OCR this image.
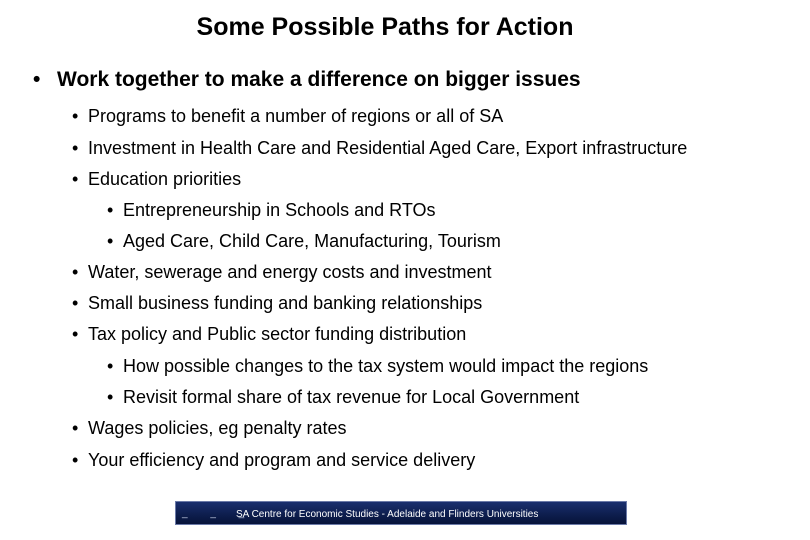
Some Possible Paths for Action
• Work together to make a difference on bigger issues
• Programs to benefit a number of regions or all of SA
• Investment in Health Care and Residential Aged Care, Export infrastructure
• Education priorities
• Entrepreneurship in Schools and RTOs
• Aged Care, Child Care, Manufacturing, Tourism
• Water, sewerage and energy costs and investment
• Small business funding and banking relationships
• Tax policy and Public sector funding distribution
• How possible changes to the tax system would impact the regions
• Revisit formal share of tax revenue for Local Government
• Wages policies, eg penalty rates
• Your efficiency and program and service delivery
_ _ _
SA Centre for Economic Studies - Adelaide and Flinders Universities
